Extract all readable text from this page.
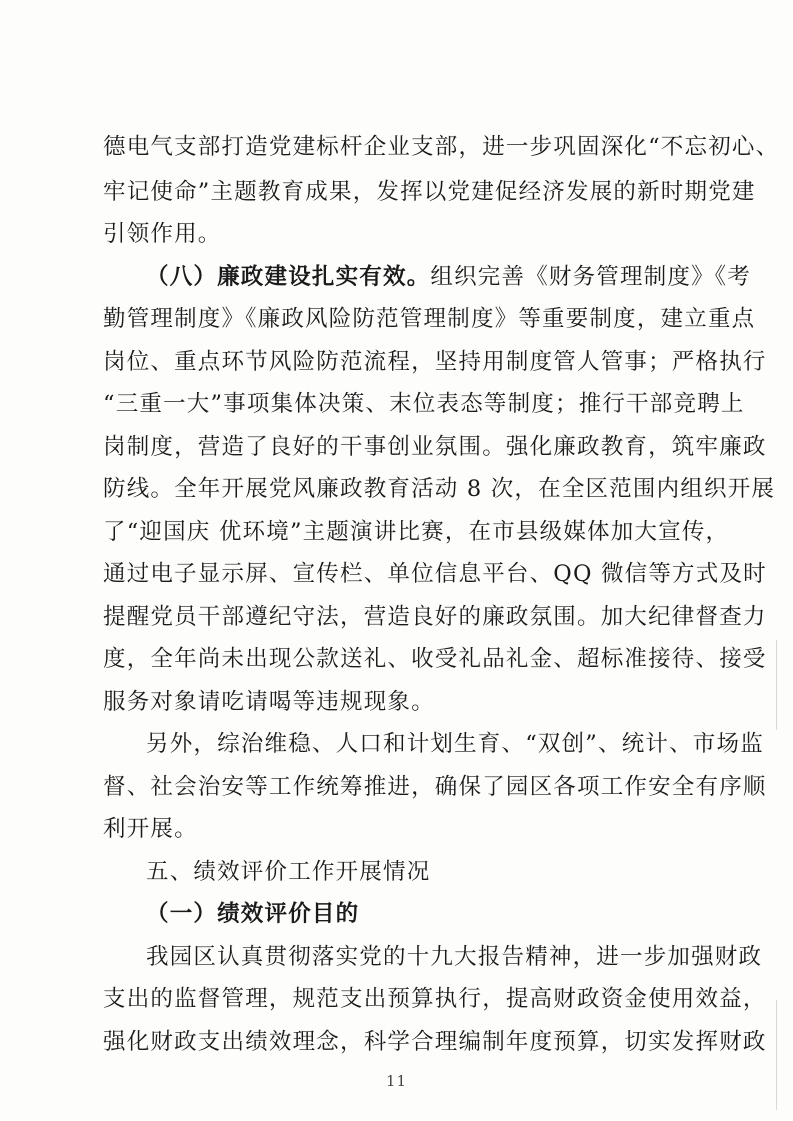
德电气支部打造党建标杆企业支部，进一步巩固深化“不忘初心、
牢记使命”主题教育成果，发挥以党建促经济发展的新时期党建
引领作用。
（八）廉政建设扎实有效。组织完善《财务管理制度》《考
勤管理制度》《廉政风险防范管理制度》等重要制度，建立重点
岗位、重点环节风险防范流程，坚持用制度管人管事；严格执行
“三重一大”事项集体决策、末位表态等制度；推行干部竞聘上
岗制度，营造了良好的干事创业氛围。强化廉政教育，筑牢廉政
防线。全年开展党风廉政教育活动 8 次，在全区范围内组织开展
了“迎国庆 优环境”主题演讲比赛，在市县级媒体加大宣传，
通过电子显示屏、宣传栏、单位信息平台、QQ 微信等方式及时
提醒党员干部遵纪守法，营造良好的廉政氛围。加大纪律督查力
度，全年尚未出现公款送礼、收受礼品礼金、超标准接待、接受
服务对象请吃请喝等违规现象。
另外，综治维稳、人口和计划生育、“双创”、统计、市场监
督、社会治安等工作统筹推进，确保了园区各项工作安全有序顺
利开展。
五、绩效评价工作开展情况
（一）绩效评价目的
我园区认真贯彻落实党的十九大报告精神，进一步加强财政
支出的监督管理，规范支出预算执行，提高财政资金使用效益，
强化财政支出绩效理念，科学合理编制年度预算，切实发挥财政
11
